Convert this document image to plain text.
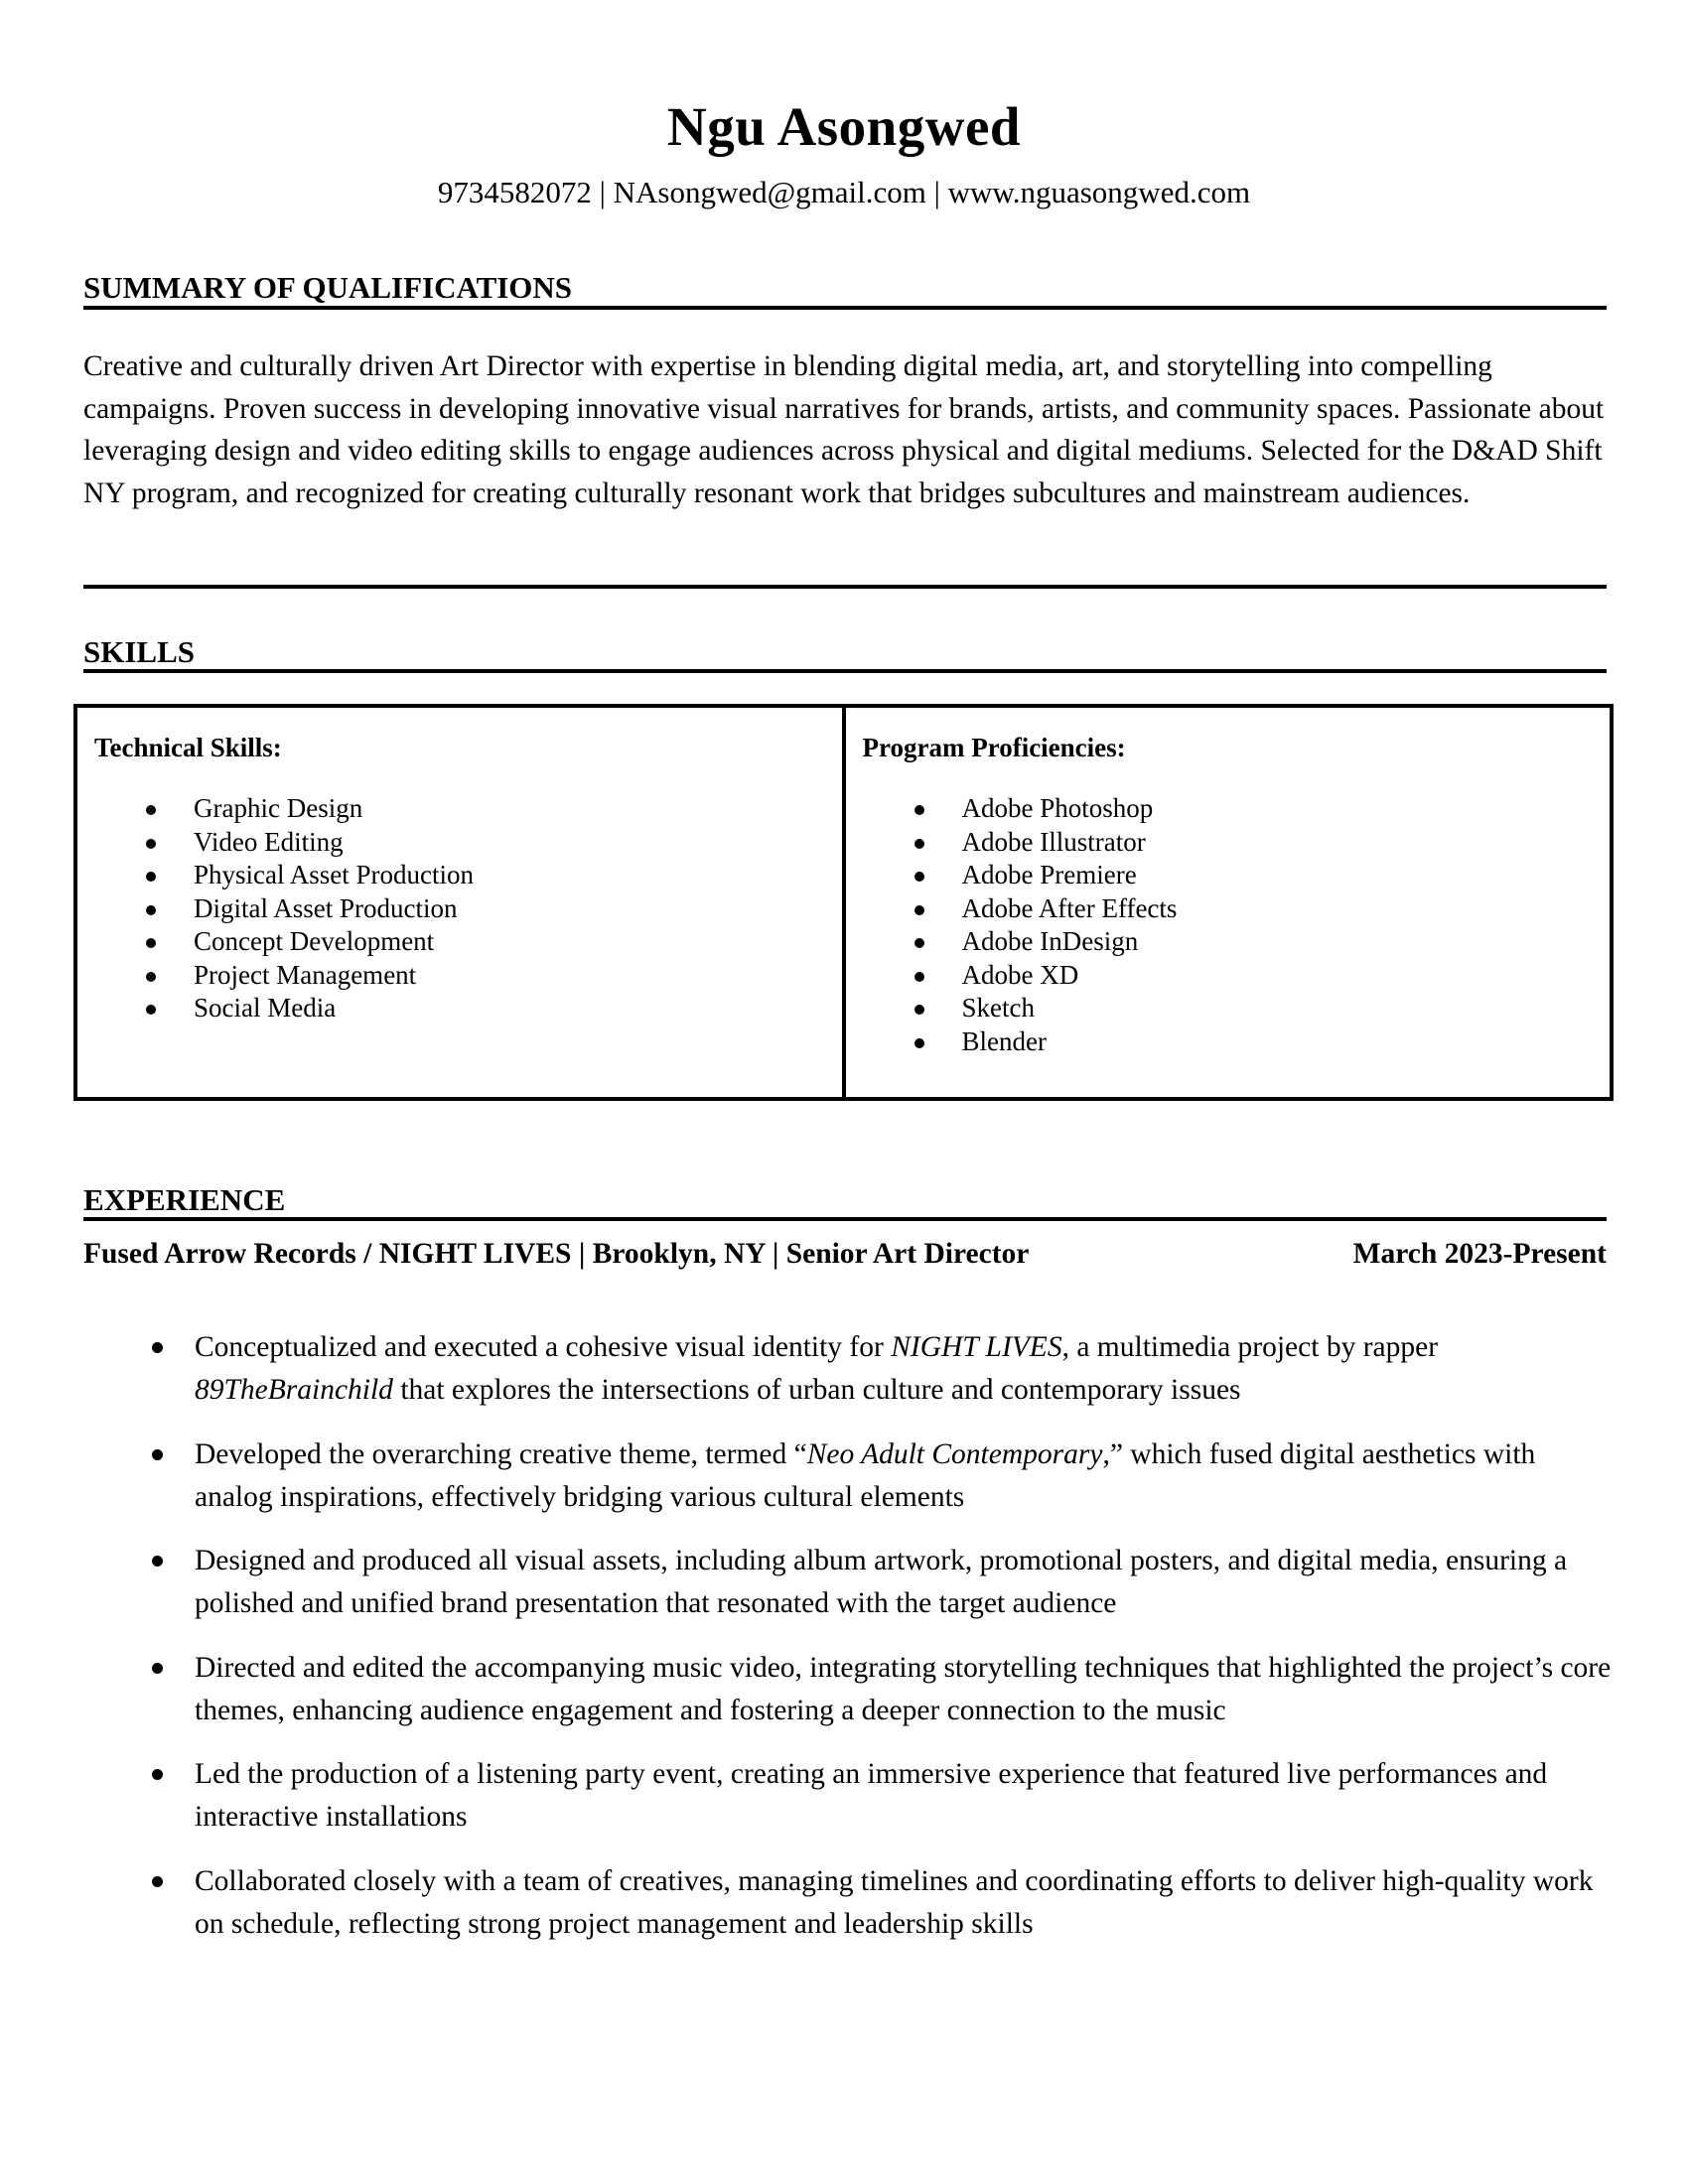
Ngu Asongwed
9734582072 | NAsongwed@gmail.com | www.nguasongwed.com
SUMMARY OF QUALIFICATIONS
Creative and culturally driven Art Director with expertise in blending digital media, art, and storytelling into compelling campaigns. Proven success in developing innovative visual narratives for brands, artists, and community spaces. Passionate about leveraging design and video editing skills to engage audiences across physical and digital mediums. Selected for the D&AD Shift NY program, and recognized for creating culturally resonant work that bridges subcultures and mainstream audiences.
SKILLS
Technical Skills:
Graphic Design
Video Editing
Physical Asset Production
Digital Asset Production
Concept Development
Project Management
Social Media
Program Proficiencies:
Adobe Photoshop
Adobe Illustrator
Adobe Premiere
Adobe After Effects
Adobe InDesign
Adobe XD
Sketch
Blender
EXPERIENCE
Fused Arrow Records / NIGHT LIVES | Brooklyn, NY | Senior Art Director	March 2023-Present
Conceptualized and executed a cohesive visual identity for NIGHT LIVES, a multimedia project by rapper 89TheBrainchild that explores the intersections of urban culture and contemporary issues
Developed the overarching creative theme, termed “Neo Adult Contemporary,” which fused digital aesthetics with analog inspirations, effectively bridging various cultural elements
Designed and produced all visual assets, including album artwork, promotional posters, and digital media, ensuring a polished and unified brand presentation that resonated with the target audience
Directed and edited the accompanying music video, integrating storytelling techniques that highlighted the project’s core themes, enhancing audience engagement and fostering a deeper connection to the music
Led the production of a listening party event, creating an immersive experience that featured live performances and interactive installations
Collaborated closely with a team of creatives, managing timelines and coordinating efforts to deliver high-quality work on schedule, reflecting strong project management and leadership skills
